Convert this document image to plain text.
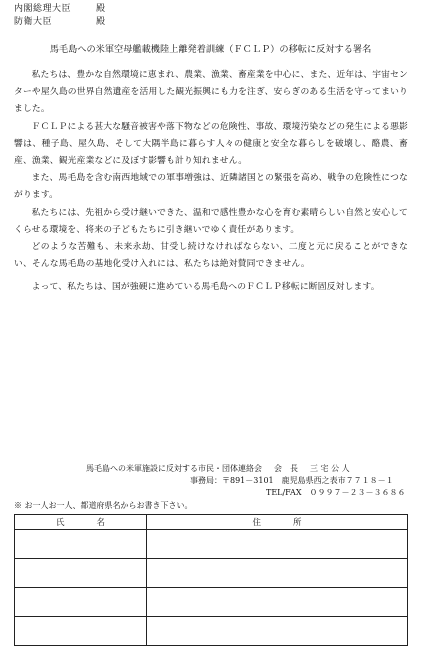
内閣総理大臣	殿
防衛大臣	殿
馬毛島への米軍空母艦載機陸上離発着訓練（ＦＣＬＰ）の移転に反対する署名

私たちは、豊かな自然環境に恵まれ、農業、漁業、畜産業を中心に、また、近年は、宇宙センターや屋久島の世界自然遺産を活用した観光振興にも力を注ぎ、安らぎのある生活を守ってまいりました。

ＦＣＬＰによる甚大な騒音被害や落下物などの危険性、事故、環境汚染などの発生による悪影響は、種子島、屋久島、そして大隅半島に暮らす人々の健康と安全な暮らしを破壊し、酪農、畜産、漁業、観光産業などに及ぼす影響も計り知れません。

また、馬毛島を含む南西地域での軍事増強は、近隣諸国との緊張を高め、戦争の危険性につながります。

私たちには、先祖から受け継いできた、温和で感性豊かな心を育む素晴らしい自然と安心してくらせる環境を、将来の子どもたちに引き継いでゆく責任があります。

どのような苦難も、未来永劫、甘受し続けなければならない、二度と元に戻ることができない、そんな馬毛島の基地化受け入れには、私たちは絶対賛同できません。

よって、私たちは、国が強硬に進めている馬毛島へのＦＣＬＰ移転に断固反対します。

馬毛島への米軍施設に反対する市民・団体連絡会 会　長 三 宅 公 人
事務局：〒891－3101　鹿児島県西之表市７７１８－１
TEL/FAX　０９９７－２３－３６８６
※ お一人お一人、都道府県名からお書き下さい。
氏名	住所
